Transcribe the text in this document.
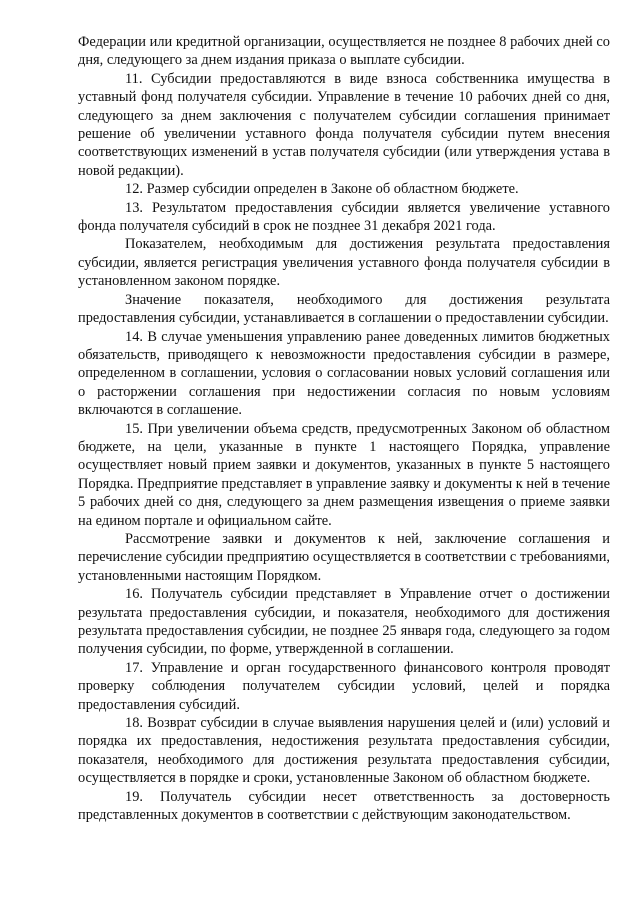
Федерации или кредитной организации, осуществляется не позднее 8 рабочих дней со дня, следующего за днем издания приказа о выплате субсидии.

11. Субсидии предоставляются в виде взноса собственника имущества в уставный фонд получателя субсидии. Управление в течение 10 рабочих дней со дня, следующего за днем заключения с получателем субсидии соглашения принимает решение об увеличении уставного фонда получателя субсидии путем внесения соответствующих изменений в устав получателя субсидии (или утверждения устава в новой редакции).

12. Размер субсидии определен в Законе об областном бюджете.

13. Результатом предоставления субсидии является увеличение уставного фонда получателя субсидий в срок не позднее 31 декабря 2021 года.

Показателем, необходимым для достижения результата предоставления субсидии, является регистрация увеличения уставного фонда получателя субсидии в установленном законом порядке.

Значение показателя, необходимого для достижения результата предоставления субсидии, устанавливается в соглашении о предоставлении субсидии.

14. В случае уменьшения управлению ранее доведенных лимитов бюджетных обязательств, приводящего к невозможности предоставления субсидии в размере, определенном в соглашении, условия о согласовании новых условий соглашения или о расторжении соглашения при недостижении согласия по новым условиям включаются в соглашение.

15. При увеличении объема средств, предусмотренных Законом об областном бюджете, на цели, указанные в пункте 1 настоящего Порядка, управление осуществляет новый прием заявки и документов, указанных в пункте 5 настоящего Порядка. Предприятие представляет в управление заявку и документы к ней в течение 5 рабочих дней со дня, следующего за днем размещения извещения о приеме заявки на едином портале и официальном сайте.

Рассмотрение заявки и документов к ней, заключение соглашения и перечисление субсидии предприятию осуществляется в соответствии с требованиями, установленными настоящим Порядком.

16. Получатель субсидии представляет в Управление отчет о достижении результата предоставления субсидии, и показателя, необходимого для достижения результата предоставления субсидии, не позднее 25 января года, следующего за годом получения субсидии, по форме, утвержденной в соглашении.

17. Управление и орган государственного финансового контроля проводят проверку соблюдения получателем субсидии условий, целей и порядка предоставления субсидий.

18. Возврат субсидии в случае выявления нарушения целей и (или) условий и порядка их предоставления, недостижения результата предоставления субсидии, показателя, необходимого для достижения результата предоставления субсидии, осуществляется в порядке и сроки, установленные Законом об областном бюджете.

19. Получатель субсидии несет ответственность за достоверность представленных документов в соответствии с действующим законодательством.
